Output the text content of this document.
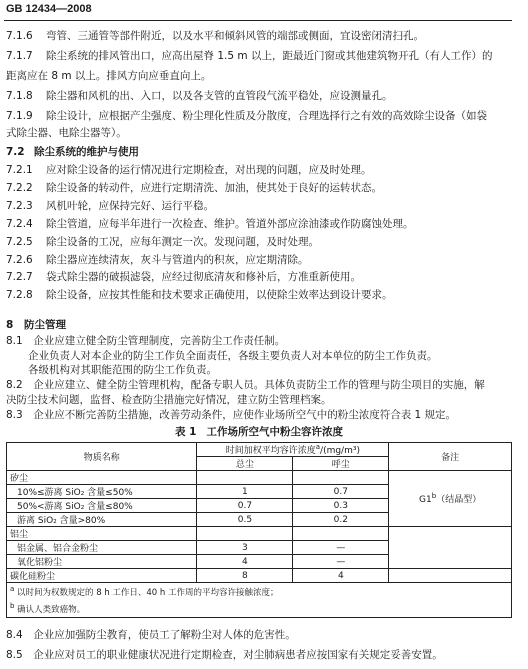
GB 12434—2008
7.1.6 弯管、三通管等部件附近，以及水平和倾斜风管的端部或侧面，宜设密闭清扫孔。
7.1.7 除尘系统的排风管出口，应高出屋脊 1.5 m 以上，距最近门窗或其他建筑物开孔（有人工作）的
距离应在 8 m 以上。排风方向应垂直向上。
7.1.8 除尘器和风机的出、入口，以及各支管的直管段气流平稳处，应设测量孔。
7.1.9 除尘设计，应根据产尘强度、粉尘理化性质及分散度，合理选择行之有效的高效除尘设备（如袋
式除尘器、电除尘器等）。
7.2 除尘系统的维护与使用
7.2.1 应对除尘设备的运行情况进行定期检查，对出现的问题，应及时处理。
7.2.2 除尘设备的转动件，应进行定期清洗、加油，使其处于良好的运转状态。
7.2.3 风机叶轮，应保持完好、运行平稳。
7.2.4 除尘管道，应每半年进行一次检查、维护。管道外部应涂油漆或作防腐蚀处理。
7.2.5 除尘设备的工况，应每年测定一次。发现问题，及时处理。
7.2.6 除尘器应连续清灰，灰斗与管道内的积灰，应定期清除。
7.2.7 袋式除尘器的破损滤袋，应经过彻底清灰和修补后，方准重新使用。
7.2.8 除尘设备，应按其性能和技术要求正确使用，以使除尘效率达到设计要求。
8 防尘管理
8.1　企业应建立健全防尘管理制度，完善防尘工作责任制。
企业负责人对本企业的防尘工作负全面责任，各级主要负责人对本单位的防尘工作负责。
各级机构对其职能范围的防尘工作负责。
8.2　企业应建立、健全防尘管理机构，配备专职人员。具体负责防尘工作的管理与防尘项目的实施，解
表 1 工作场所空气中粉尘容许浓度
物质名称	时间加权平均容许浓度$^a$/(mg/m³)		备注
	总尘	呼尘	
矽尘			G1$^b$（结晶型）
10%≤游离 SiO₂ 含量≤50%	1	0.7	
50%<游离 SiO₂ 含量≤80%	0.7	0.3	
游离 SiO₂ 含量>80%	0.5	0.2	
铝尘			
铝金属、铝合金粉尘	3	—	
氧化铝粉尘	4	—	
碳化硅粉尘	8	4	

$^a$ 以时间为权数规定的 8 h 工作日、40 h 工作周的平均容许接触浓度；
$^b$ 确认人类致癌物。			
8.4　企业应加强防尘教育，使员工了解粉尘对人体的危害性。
8.5　企业应对员工的职业健康状况进行定期检查，对尘肺病患者应按国家有关规定妥善安置。
决防尘技术问题，监督、检查防尘措施完好情况，建立防尘管理档案。
8.3　企业应不断完善防尘措施，改善劳动条件，应使作业场所空气中的粉尘浓度符合表 1 规定。
